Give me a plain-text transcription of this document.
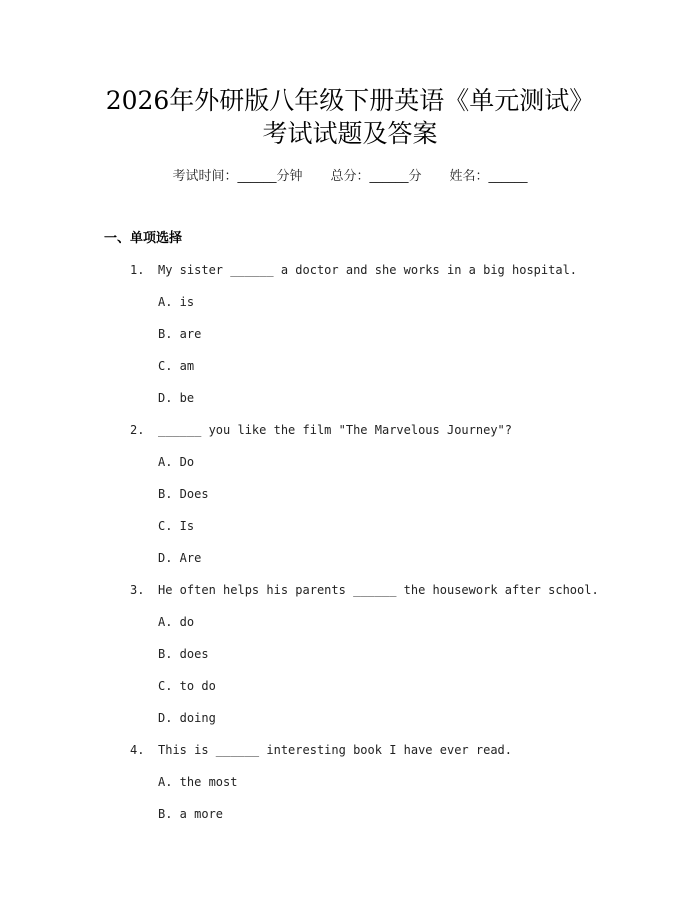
2026年外研版八年级下册英语《单元测试》
考试试题及答案
考试时间：______分钟 总分：______分 姓名：______
一、单项选择

1.

My sister ______ a doctor and she works in a big hospital.

A. is
B. are
C. am
D. be

2.

______ you like the film "The Marvelous Journey"?

A. Do
B. Does
C. Is
D. Are

3.

He often helps his parents ______ the housework after school.

A. do
B. does
C. to do
D. doing

4.

This is ______ interesting book I have ever read.

A. the most
B. a more
